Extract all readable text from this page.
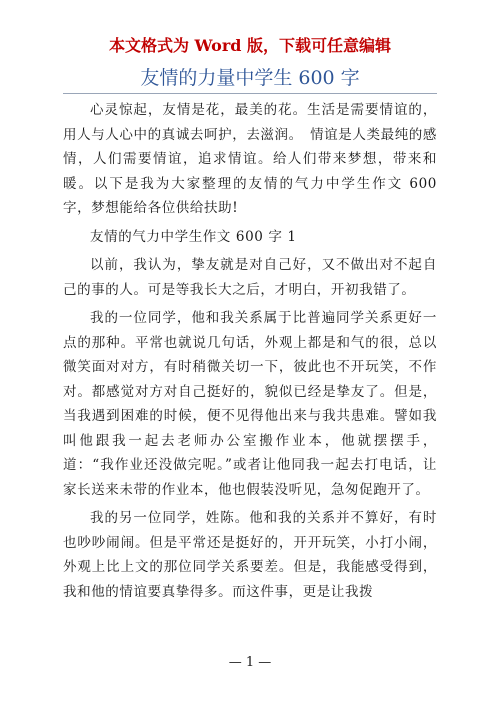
本文格式为 Word 版，下载可任意编辑
友情的力量中学生 600 字

心灵惊起，友情是花，最美的花。生活是需要情谊的，用人与人心中的真诚去呵护，去滋润。　情谊是人类最纯的感情，人们需要情谊，追求情谊。给人们带来梦想，带来和暖。以下是我为大家整理的友情的气力中学生作文 600 字，梦想能给各位供给扶助!

友情的气力中学生作文 600 字 1

以前，我认为，挚友就是对自己好，又不做出对不起自己的事的人。可是等我长大之后，才明白，开初我错了。

我的一位同学，他和我关系属于比普遍同学关系更好一点的那种。平常也就说几句话，外观上都是和气的很，总以微笑面对对方，有时稍微关切一下，彼此也不开玩笑，不作对。都感觉对方对自己挺好的，貌似已经是挚友了。但是，当我遇到困难的时候，便不见得他出来与我共患难。譬如我叫他跟我一起去老师办公室搬作业本，他就摆摆手，道：“我作业还没做完呢。”或者让他同我一起去打电话，让家长送来未带的作业本，他也假装没听见，急匆促跑开了。

我的另一位同学，姓陈。他和我的关系并不算好，有时也吵吵闹闹。但是平常还是挺好的，开开玩笑，小打小闹，外观上比上文的那位同学关系要差。但是，我能感受得到，我和他的情谊要真挚得多。而这件事，更是让我拨

— 1 —
